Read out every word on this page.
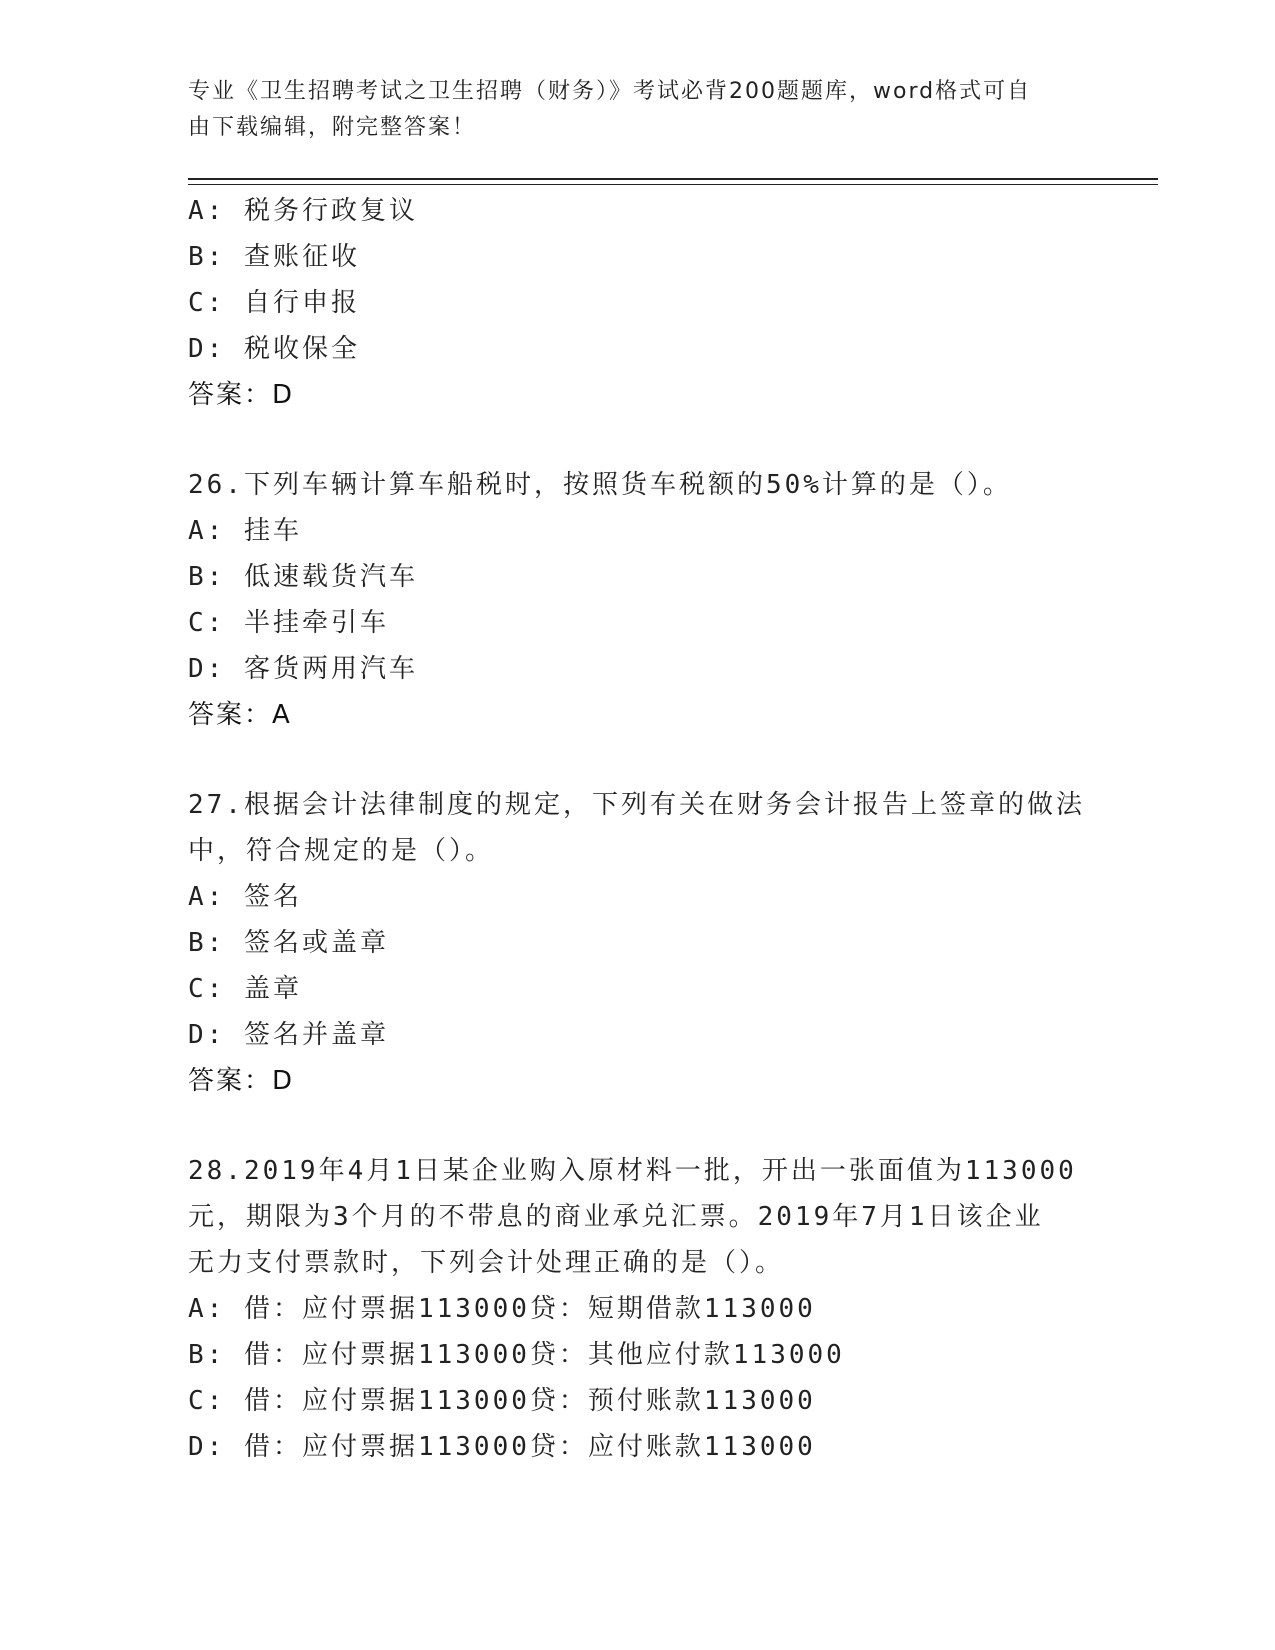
专业《卫生招聘考试之卫生招聘（财务）》考试必背200题题库，word格式可自
由下载编辑，附完整答案！
A: 税务行政复议
B: 查账征收
C: 自行申报
D: 税收保全
答案：D
26.下列车辆计算车船税时，按照货车税额的50%计算的是（）。
A: 挂车
B: 低速载货汽车
C: 半挂牵引车
D: 客货两用汽车
答案：A
27.根据会计法律制度的规定，下列有关在财务会计报告上签章的做法
中，符合规定的是（）。
A: 签名
B: 签名或盖章
C: 盖章
D: 签名并盖章
答案：D
28.2019年4月1日某企业购入原材料一批，开出一张面值为113000
元，期限为3个月的不带息的商业承兑汇票。2019年7月1日该企业
无力支付票款时，下列会计处理正确的是（）。
A: 借：应付票据113000贷：短期借款113000
B: 借：应付票据113000贷：其他应付款113000
C: 借：应付票据113000贷：预付账款113000
D: 借：应付票据113000贷：应付账款113000
